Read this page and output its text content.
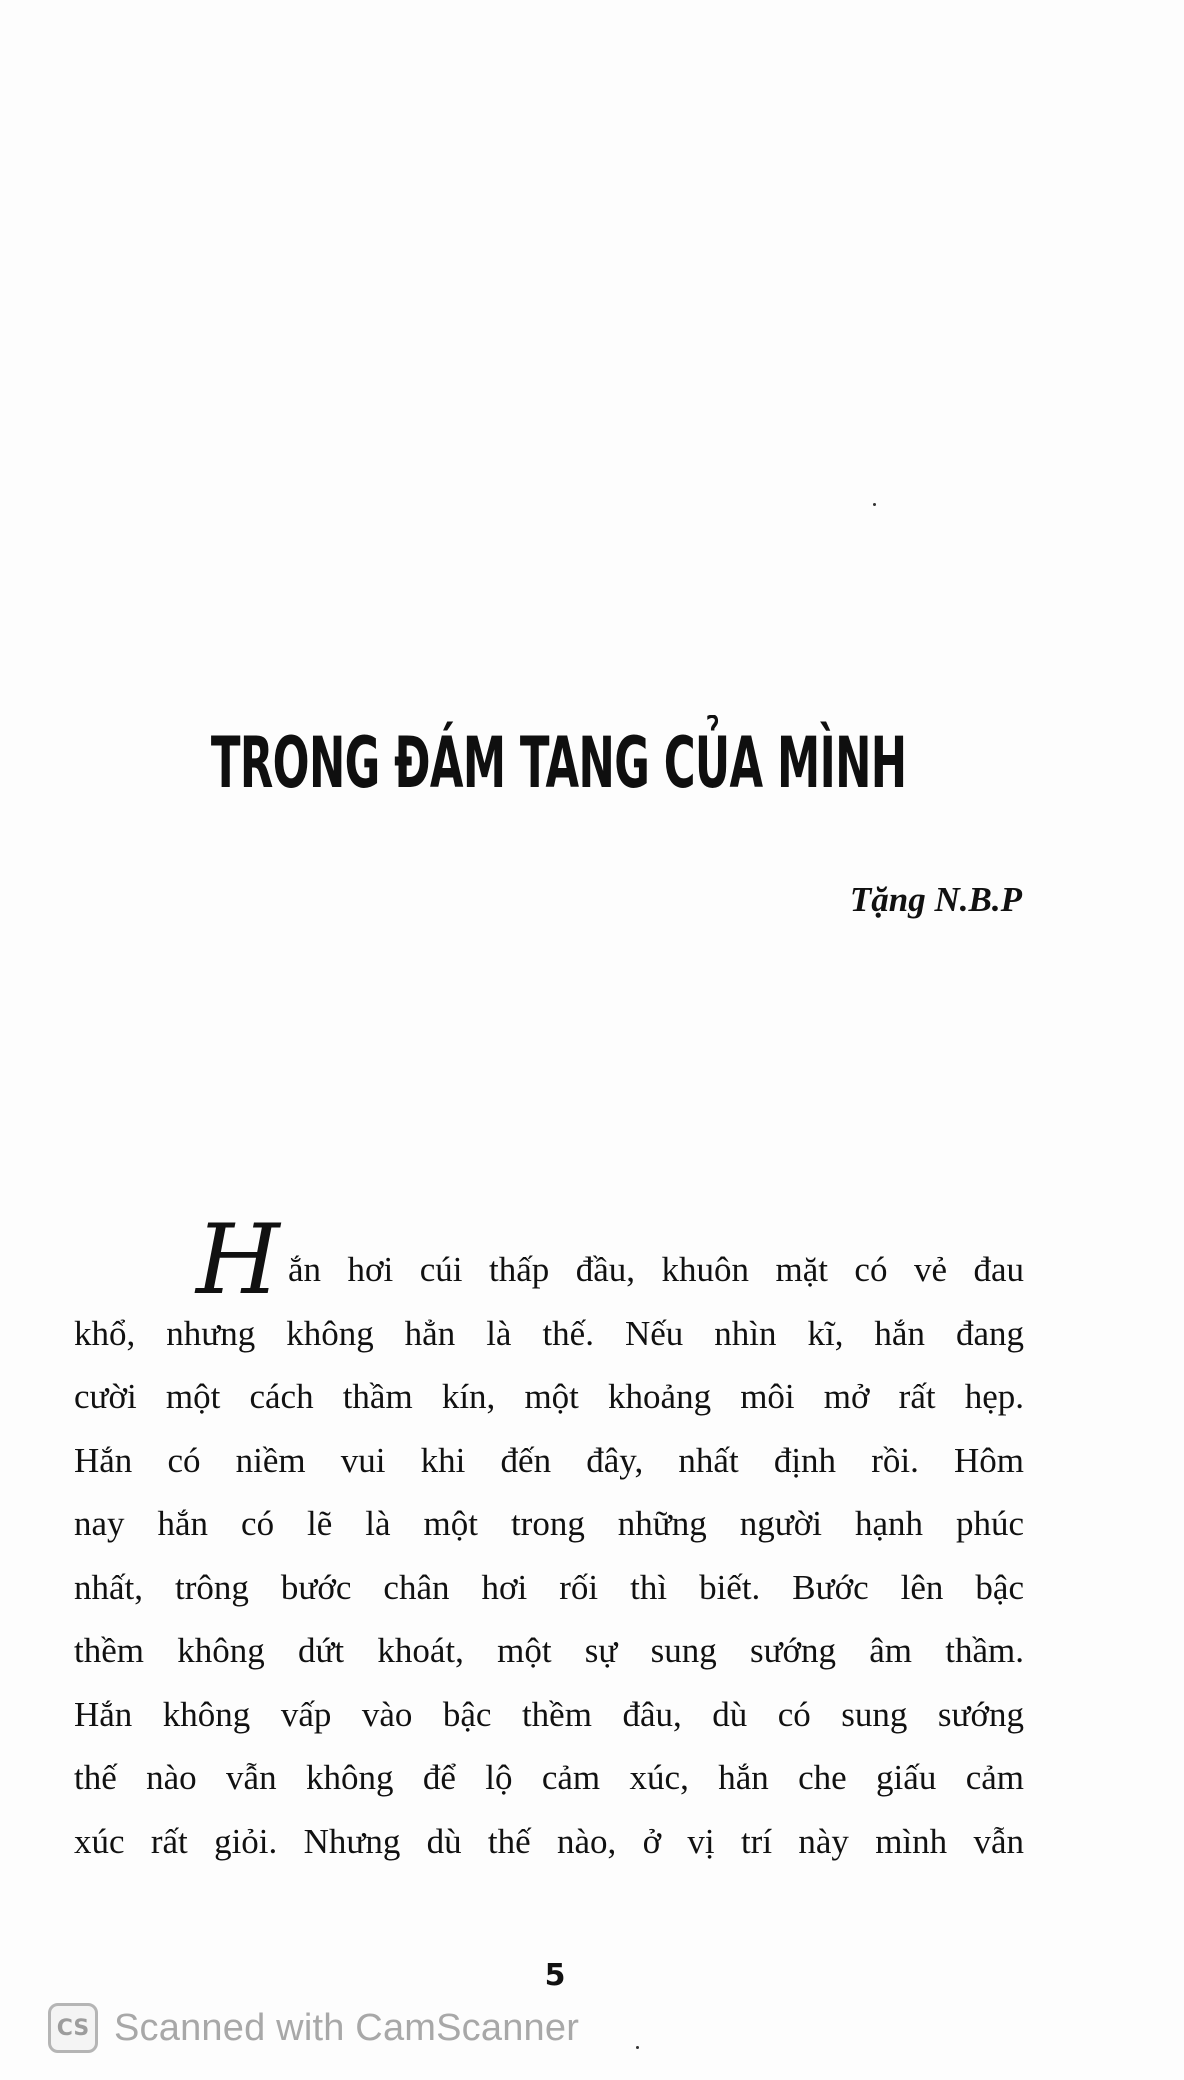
TRONG ĐÁM TANG CỦA MÌNH
Tặng N.B.P
H ắn hơi cúi thấp đầu, khuôn mặt có vẻ đau
khổ, nhưng không hẳn là thế. Nếu nhìn kĩ, hắn đang
cười một cách thầm kín, một khoảng môi mở rất hẹp.
Hắn có niềm vui khi đến đây, nhất định rồi. Hôm
nay hắn có lẽ là một trong những người hạnh phúc
nhất, trông bước chân hơi rối thì biết. Bước lên bậc
thềm không dứt khoát, một sự sung sướng âm thầm.
Hắn không vấp vào bậc thềm đâu, dù có sung sướng
thế nào vẫn không để lộ cảm xúc, hắn che giấu cảm
xúc rất giỏi. Nhưng dù thế nào, ở vị trí này mình vẫn
5
CS Scanned with CamScanner
